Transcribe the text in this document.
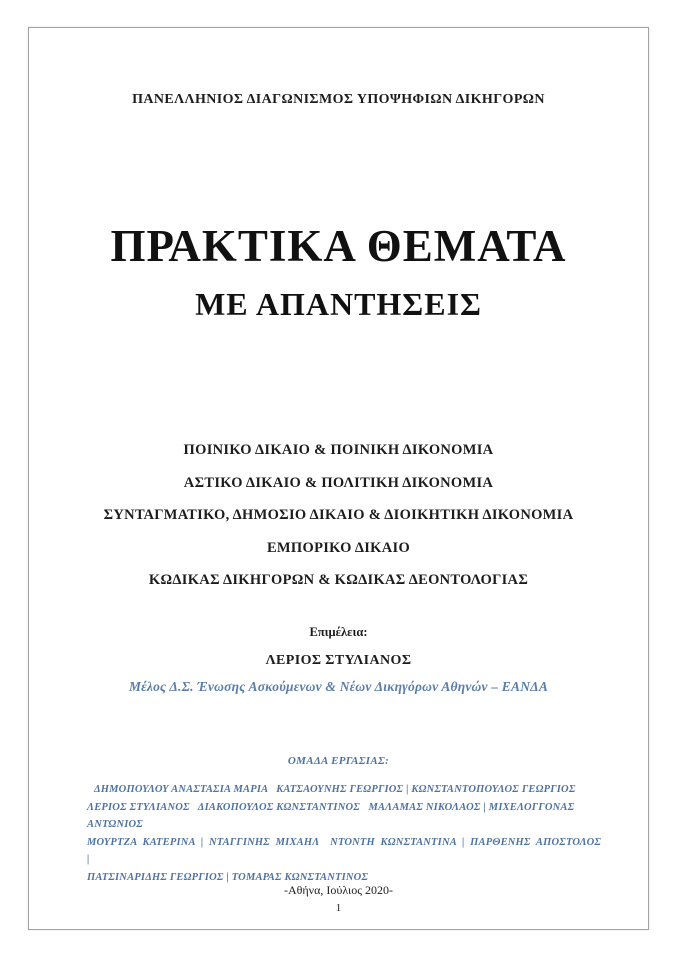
ΠΑΝΕΛΛΗΝΙΟΣ ΔΙΑΓΩΝΙΣΜΟΣ ΥΠΟΨΗΦΙΩΝ ΔΙΚΗΓΟΡΩΝ
ΠΡΑΚΤΙΚΑ ΘΕΜΑΤΑ
ΜΕ ΑΠΑΝΤΗΣΕΙΣ
ΠΟΙΝΙΚΟ ΔΙΚΑΙΟ & ΠΟΙΝΙΚΗ ΔΙΚΟΝΟΜΙΑ
ΑΣΤΙΚΟ ΔΙΚΑΙΟ & ΠΟΛΙΤΙΚΗ ΔΙΚΟΝΟΜΙΑ
ΣΥΝΤΑΓΜΑΤΙΚΟ, ΔΗΜΟΣΙΟ ΔΙΚΑΙΟ & ΔΙΟΙΚΗΤΙΚΗ ΔΙΚΟΝΟΜΙΑ
ΕΜΠΟΡΙΚΟ ΔΙΚΑΙΟ
ΚΩΔΙΚΑΣ ΔΙΚΗΓΟΡΩΝ & ΚΩΔΙΚΑΣ ΔΕΟΝΤΟΛΟΓΙΑΣ
Επιμέλεια:
ΛΕΡΙΟΣ ΣΤΥΛΙΑΝΟΣ
Μέλος Δ.Σ. Ένωσης Ασκούμενων & Νέων Δικηγόρων Αθηνών – ΕΑΝΔΑ
ΟΜΑΔΑ ΕΡΓΑΣΙΑΣ:
ΔΗΜΟΠΟΥΛΟΥ ΑΝΑΣΤΑΣΙΑ ΜΑΡΙΑ   ΚΑΤΣΑΟΥΝΗΣ ΓΕΩΡΓΙΟΣ | ΚΩΝΣΤΑΝΤΟΠΟΥΛΟΣ ΓΕΩΡΓΙΟΣ
ΛΕΡΙΟΣ ΣΤΥΛΙΑΝΟΣ   ΔΙΑΚΟΠΟΥΛΟΣ ΚΩΝΣΤΑΝΤΙΝΟΣ   ΜΑΛΑΜΑΣ ΝΙΚΟΛΑΟΣ | ΜΙΧΕΛΟΓΓΟΝΑΣ ΑΝΤΩΝΙΟΣ
ΜΟΥΡΤΖΑ  ΚΑΤΕΡΙΝΑ  |  ΝΤΑΓΓΙΝΗΣ  ΜΙΧΑΗΛ    ΝΤΟΝΤΗ  ΚΩΝΣΤΑΝΤΙΝΑ  |  ΠΑΡΘΕΝΗΣ  ΑΠΟΣΤΟΛΟΣ  |
ΠΑΤΣΙΝΑΡΙΔΗΣ ΓΕΩΡΓΙΟΣ | ΤΟΜΑΡΑΣ ΚΩΝΣΤΑΝΤΙΝΟΣ
-Αθήνα, Ιούλιος 2020-
1
